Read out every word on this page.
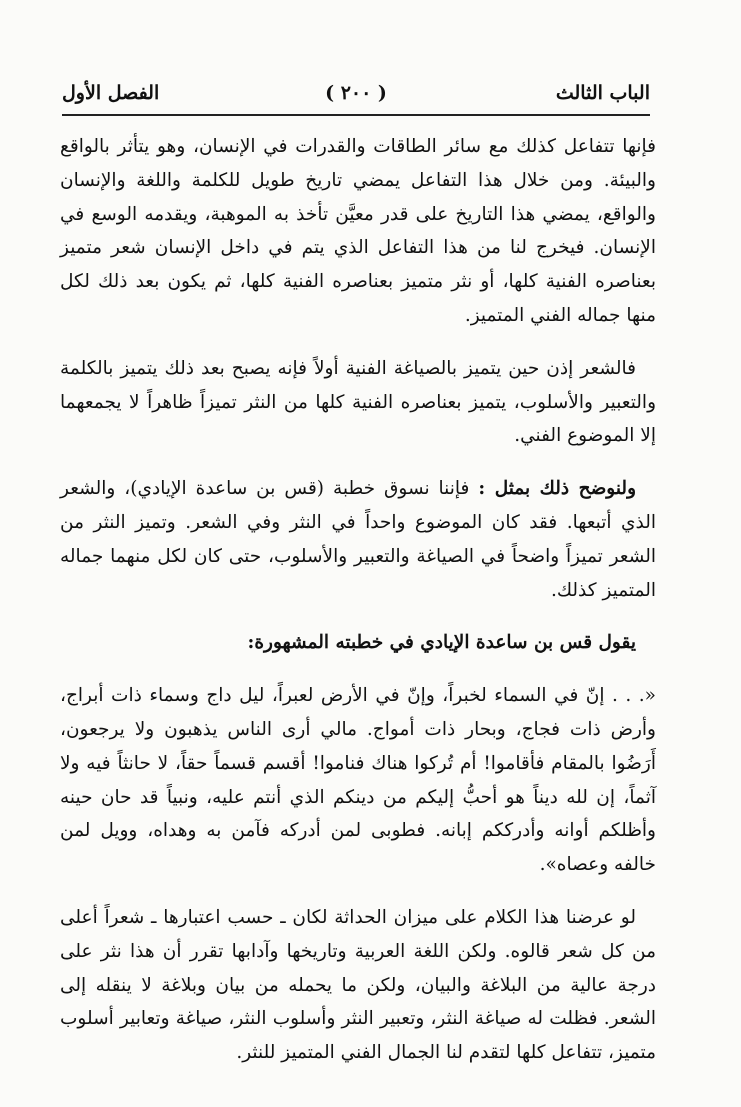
الباب الثالث
( ٢٠٠ )
الفصل الأول

فإنها تتفاعل كذلك مع سائر الطاقات والقدرات في الإنسان، وهو يتأثر بالواقع والبيئة. ومن خلال هذا التفاعل يمضي تاريخ طويل للكلمة واللغة والإنسان والواقع، يمضي هذا التاريخ على قدر معيَّن تأخذ به الموهبة، ويقدمه الوسع في الإنسان. فيخرج لنا من هذا التفاعل الذي يتم في داخل الإنسان شعر متميز بعناصره الفنية كلها، أو نثر متميز بعناصره الفنية كلها، ثم يكون بعد ذلك لكل منها جماله الفني المتميز.

فالشعر إذن حين يتميز بالصياغة الفنية أولاً فإنه يصبح بعد ذلك يتميز بالكلمة والتعبير والأسلوب، يتميز بعناصره الفنية كلها من النثر تميزاً ظاهراً لا يجمعهما إلا الموضوع الفني.

ولنوضح ذلك بمثل : فإننا نسوق خطبة (قس بن ساعدة الإيادي)، والشعر الذي أتبعها. فقد كان الموضوع واحداً في النثر وفي الشعر. وتميز النثر من الشعر تميزاً واضحاً في الصياغة والتعبير والأسلوب، حتى كان لكل منهما جماله المتميز كذلك.

يقول قس بن ساعدة الإيادي في خطبته المشهورة:

«. . . إنّ في السماء لخبراً، وإنّ في الأرض لعبراً، ليل داج وسماء ذات أبراج، وأرض ذات فجاج، وبحار ذات أمواج. مالي أرى الناس يذهبون ولا يرجعون، أَرَضُوا بالمقام فأقاموا! أم تُركوا هناك فناموا! أقسم قسماً حقاً، لا حانثاً فيه ولا آثماً، إن لله ديناً هو أحبُّ إليكم من دينكم الذي أنتم عليه، ونبياً قد حان حينه وأظلكم أوانه وأدرككم إبانه. فطوبى لمن أدركه فآمن به وهداه، وويل لمن خالفه وعصاه».

لو عرضنا هذا الكلام على ميزان الحداثة لكان ـ حسب اعتبارها ـ شعراً أعلى من كل شعر قالوه. ولكن اللغة العربية وتاريخها وآدابها تقرر أن هذا نثر على درجة عالية من البلاغة والبيان، ولكن ما يحمله من بيان وبلاغة لا ينقله إلى الشعر. فظلت له صياغة النثر، وتعبير النثر وأسلوب النثر، صياغة وتعابير أسلوب متميز، تتفاعل كلها لتقدم لنا الجمال الفني المتميز للنثر.
